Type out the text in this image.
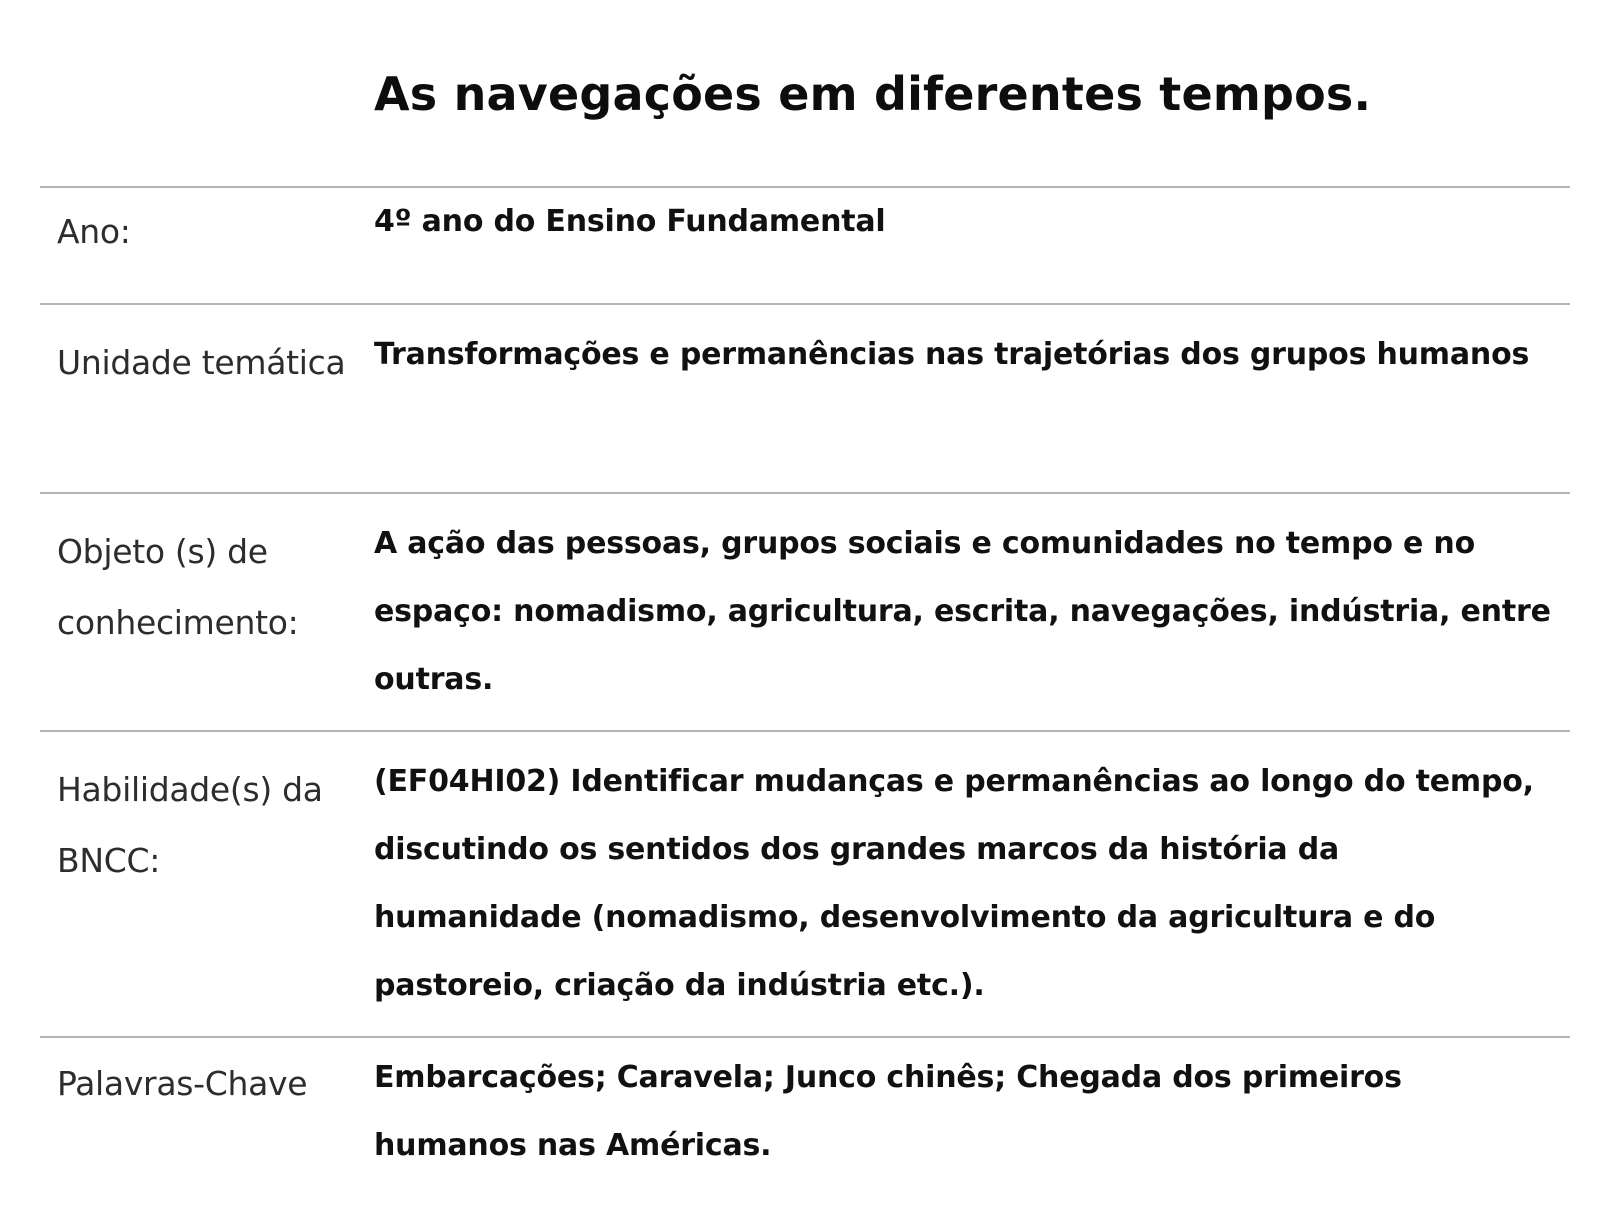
As navegações em diferentes tempos.
Ano:	4º ano do Ensino Fundamental
Unidade temática Transformações e permanências nas trajetórias dos grupos humanos
Objeto (s) de conhecimento:
A ação das pessoas, grupos sociais e comunidades no tempo e no espaço: nomadismo, agricultura, escrita, navegações, indústria, entre outras.
Habilidade(s) da BNCC:
(EF04HI02) Identificar mudanças e permanências ao longo do tempo, discutindo os sentidos dos grandes marcos da história da humanidade (nomadismo, desenvolvimento da agricultura e do pastoreio, criação da indústria etc.).
Palavras-Chave	Embarcações; Caravela; Junco chinês; Chegada dos primeiros humanos nas Américas.
